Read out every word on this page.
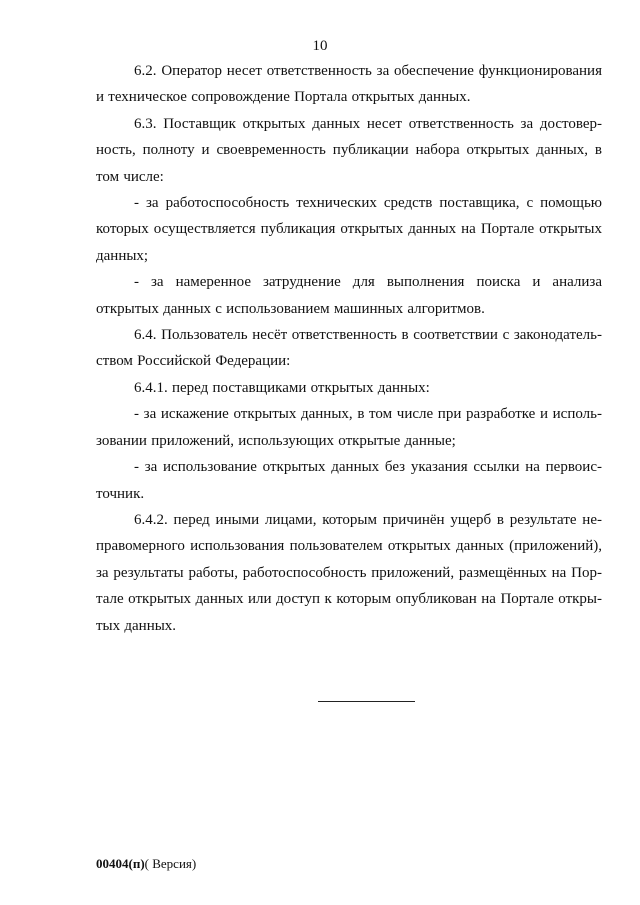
10

6.2. Оператор несет ответственность за обеспечение функционирования и техническое сопровождение Портала открытых данных.

6.3. Поставщик открытых данных несет ответственность за достоверность, полноту и своевременность публикации набора открытых данных, в том числе:

- за работоспособность технических средств поставщика, с помощью которых осуществляется публикация открытых данных на Портале открытых данных;

- за намеренное затруднение для выполнения поиска и анализа открытых данных с использованием машинных алгоритмов.

6.4. Пользователь несёт ответственность в соответствии с законодательством Российской Федерации:

6.4.1. перед поставщиками открытых данных:

- за искажение открытых данных, в том числе при разработке и использовании приложений, использующих открытые данные;

- за использование открытых данных без указания ссылки на первоисточник.

6.4.2. перед иными лицами, которым причинён ущерб в результате неправомерного использования пользователем открытых данных (приложений), за результаты работы, работоспособность приложений, размещённых на Портале открытых данных или доступ к которым опубликован на Портале открытых данных.

00404(п)( Версия)
